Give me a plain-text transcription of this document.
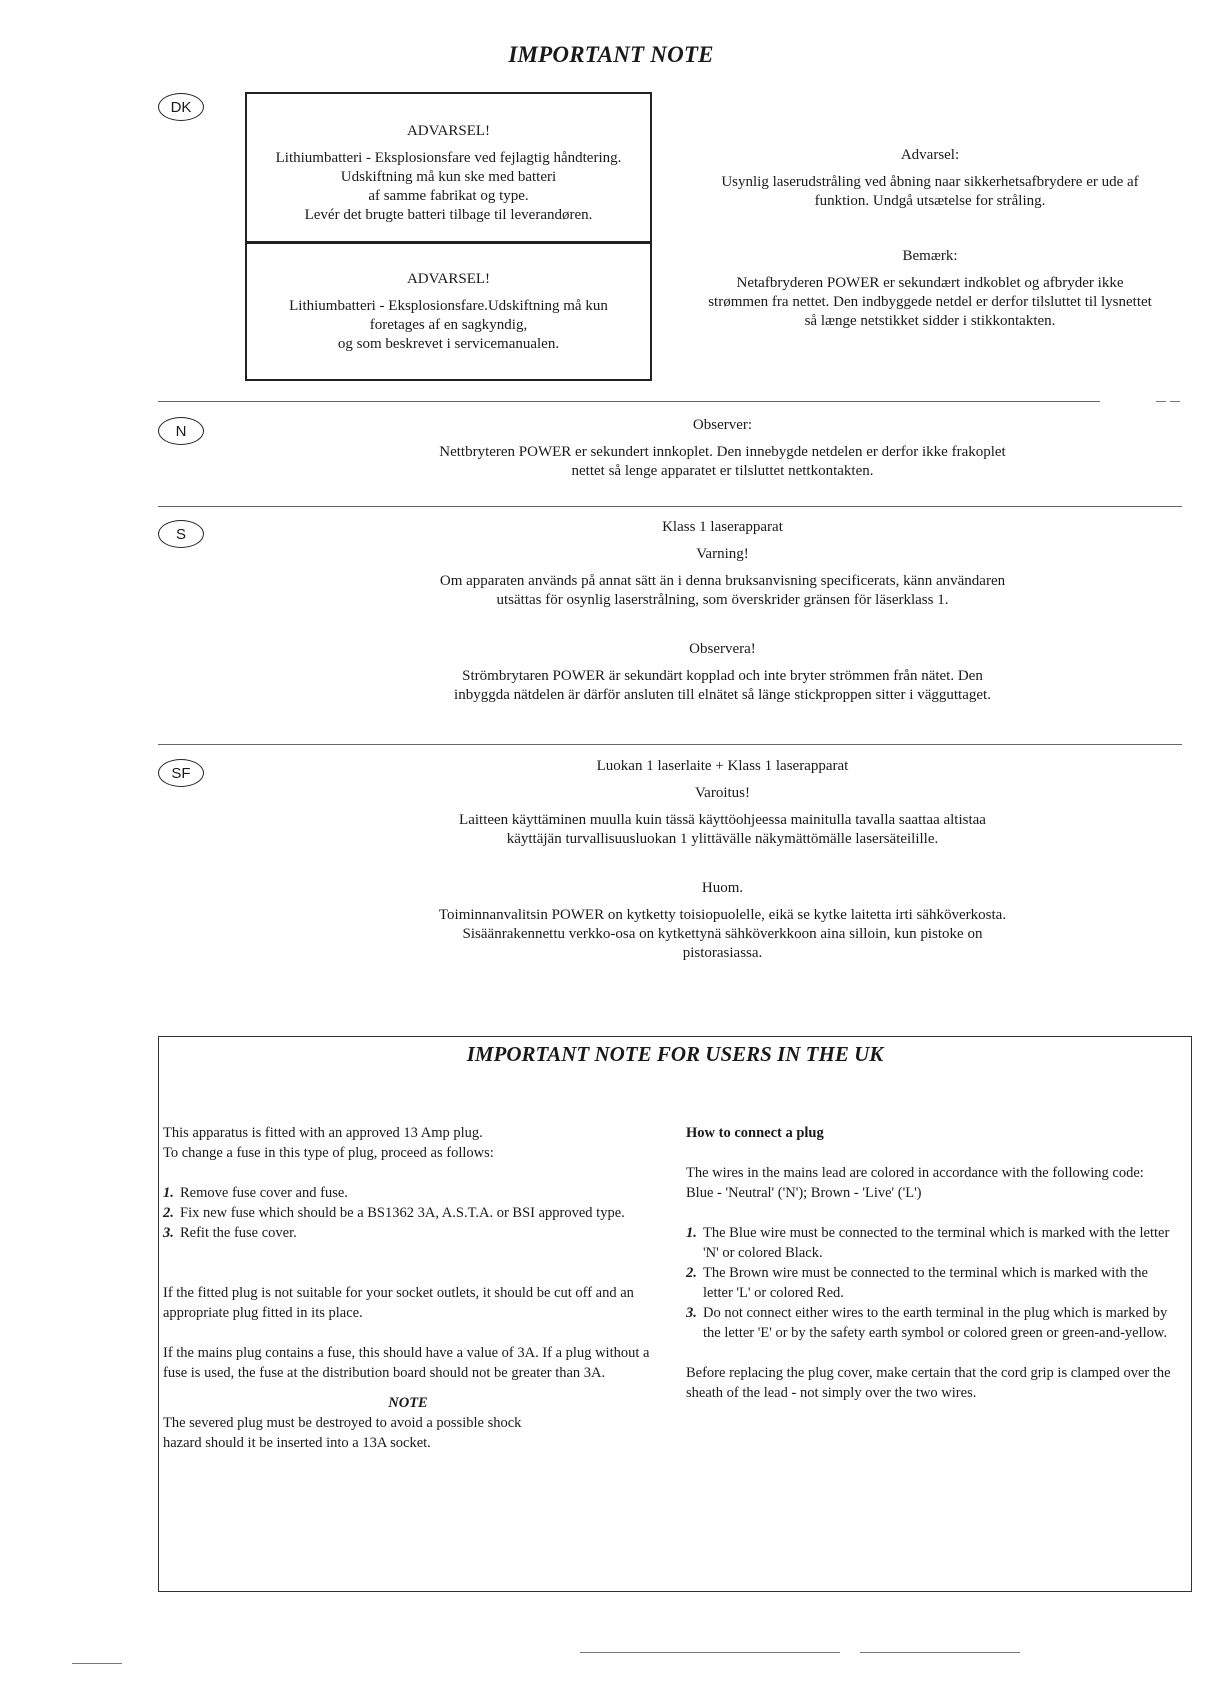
IMPORTANT NOTE
DK
ADVARSEL!
Lithiumbatteri - Eksplosionsfare ved fejlagtig håndtering.
Udskiftning må kun ske med batteri
af samme fabrikat og type.
Levér det brugte batteri tilbage til leverandøren.
ADVARSEL!
Lithiumbatteri - Eksplosionsfare.Udskiftning må kun
foretages af en sagkyndig,
og som beskrevet i servicemanualen.
Advarsel:
Usynlig laserudstråling ved åbning naar sikkerhetsafbrydere er ude af
funktion. Undgå utsætelse for stråling.
Bemærk:
Netafbryderen POWER er sekundært indkoblet og afbryder ikke
strømmen fra nettet. Den indbyggede netdel er derfor tilsluttet til lysnettet
så længe netstikket sidder i stikkontakten.
N	Observer:
Nettbryteren POWER er sekundert innkoplet. Den innebygde netdelen er derfor ikke frakoplet
nettet så lenge apparatet er tilsluttet nettkontakten.
S	Klass 1 laserapparat
Varning!
Om apparaten används på annat sätt än i denna bruksanvisning specificerats, känn användaren
utsättas för osynlig laserstrålning, som överskrider gränsen för läserklass 1.
Observera!
Strömbrytaren POWER är sekundärt kopplad och inte bryter strömmen från nätet. Den
inbyggda nätdelen är därför ansluten till elnätet så länge stickproppen sitter i vägguttaget.
SF	Luokan 1 laserlaite + Klass 1 laserapparat
Varoitus!
Laitteen käyttäminen muulla kuin tässä käyttöohjeessa mainitulla tavalla saattaa altistaa
käyttäjän turvallisuusluokan 1 ylittävälle näkymättömälle lasersäteilille.
Huom.
Toiminnanvalitsin POWER on kytketty toisiopuolelle, eikä se kytke laitetta irti sähköverkosta.
Sisäänrakennettu verkko-osa on kytkettynä sähköverkkoon aina silloin, kun pistoke on
pistorasiassa.
IMPORTANT NOTE FOR USERS IN THE UK

This apparatus is fitted with an approved 13 Amp plug.

To change a fuse in this type of plug, proceed as follows:

1. Remove fuse cover and fuse.
2. Fix new fuse which should be a BS1362 3A, A.S.T.A. or BSI approved type.
3. Refit the fuse cover.

If the fitted plug is not suitable for your socket outlets, it should be cut off and an appropriate plug fitted in its place.

If the mains plug contains a fuse, this should have a value of 3A. If a plug without a fuse is used, the fuse at the distribution board should not be greater than 3A.

NOTE

The severed plug must be destroyed to avoid a possible shock

hazard should it be inserted into a 13A socket.

How to connect a plug

The wires in the mains lead are colored in accordance with the following code:

Blue - 'Neutral' ('N'); Brown - 'Live' ('L')

1. The Blue wire must be connected to the terminal which is marked with the letter 'N' or colored Black.
2. The Brown wire must be connected to the terminal which is marked with the letter 'L' or colored Red.
3. Do not connect either wires to the earth terminal in the plug which is marked by the letter 'E' or by the safety earth symbol or colored green or green-and-yellow.

Before replacing the plug cover, make certain that the cord grip is clamped over the sheath of the lead - not simply over the two wires.
